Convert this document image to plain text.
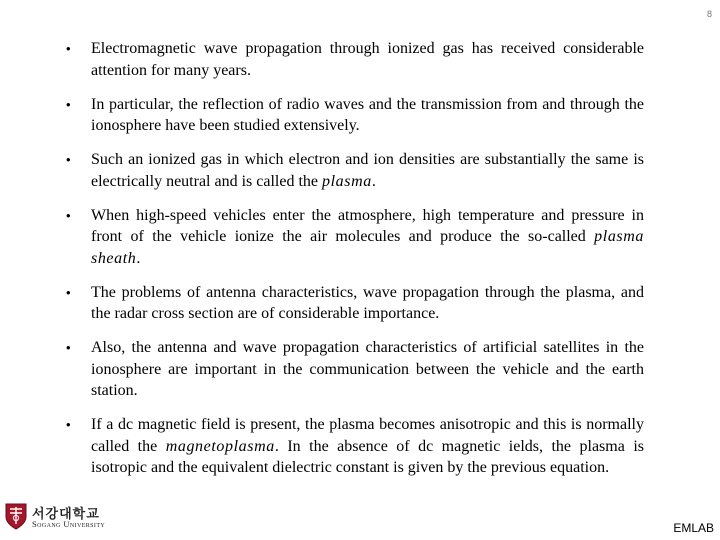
8
• Electromagnetic wave propagation through ionized gas has received considerable attention for many years.
• In particular, the reflection of radio waves and the transmission from and through the ionosphere have been studied extensively.
• Such an ionized gas in which electron and ion densities are substantially the same is electrically neutral and is called the plasma.
• When high-speed vehicles enter the atmosphere, high temperature and pressure in front of the vehicle ionize the air molecules and produce the so-called plasma sheath.
• The problems of antenna characteristics, wave propagation through the plasma, and the radar cross section are of considerable importance.
• Also, the antenna and wave propagation characteristics of artificial satellites in the ionosphere are important in the communication between the vehicle and the earth station.
• If a dc magnetic field is present, the plasma becomes anisotropic and this is normally called the magnetoplasma. In the absence of dc magnetic ields, the plasma is isotropic and the equivalent dielectric constant is given by the previous equation.
서강대학교
Sogang University	EMLAB
